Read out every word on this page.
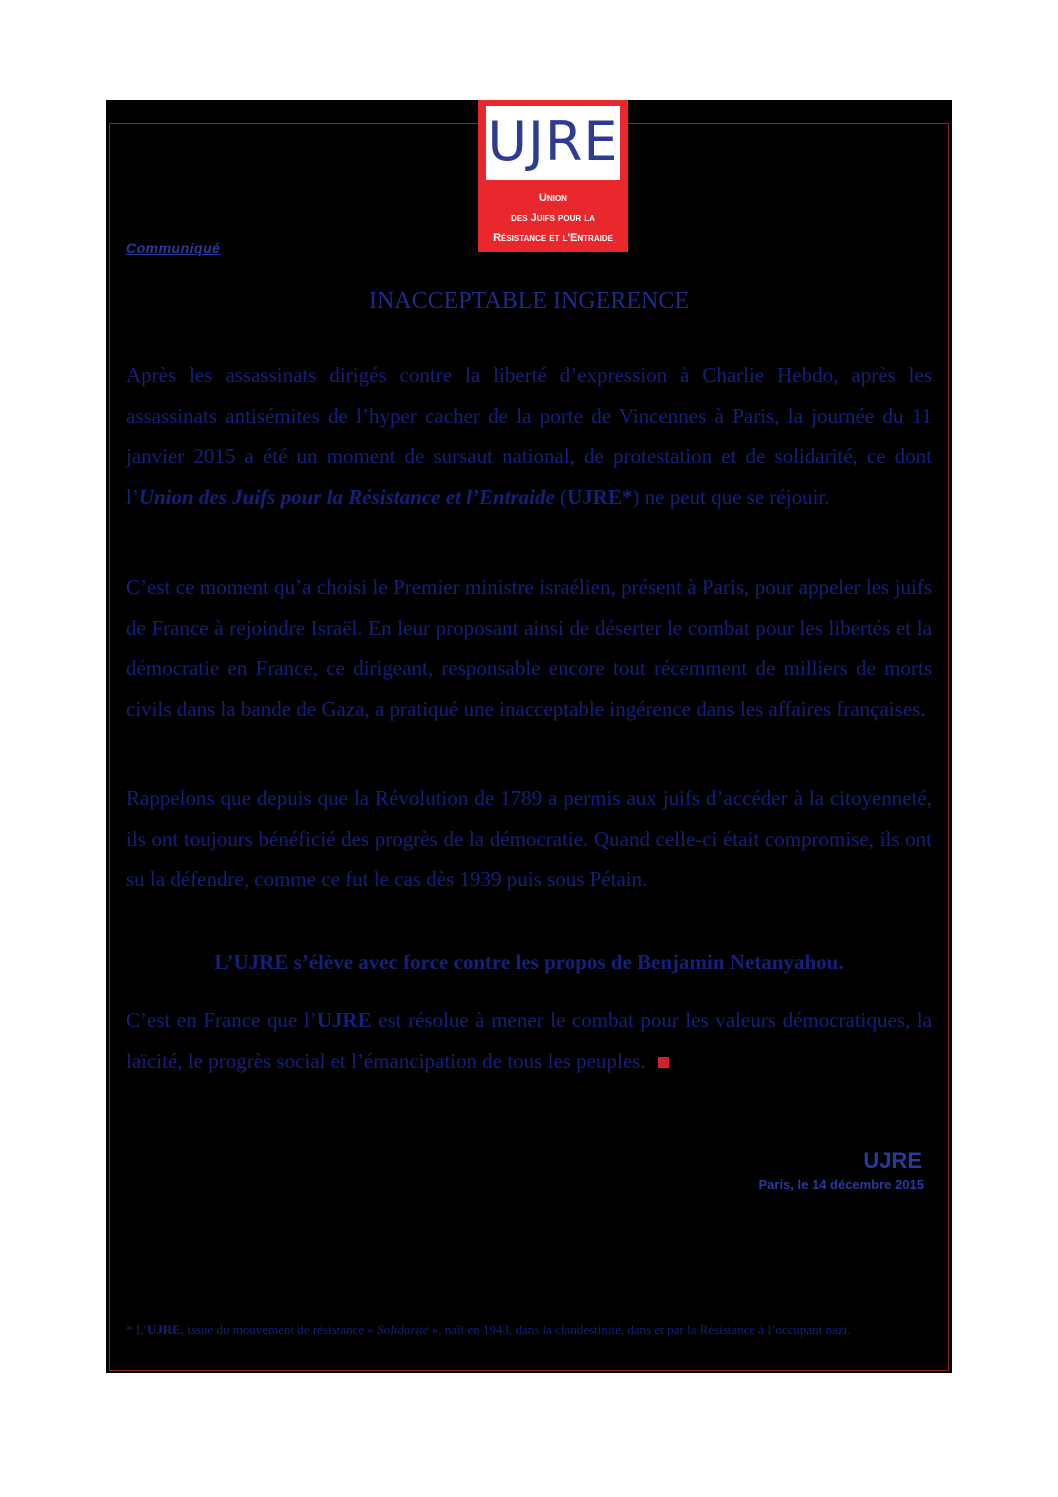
UJRE
Union
des Juifs pour la
Résistance et l'Entraide
Communiqué
INACCEPTABLE INGERENCE
Après les assassinats dirigés contre la liberté d’expression à Charlie Hebdo, après les assassinats antisémites de l’hyper cacher de la porte de Vincennes à Paris, la journée du 11 janvier 2015 a été un moment de sursaut national, de protestation et de solidarité, ce dont l’Union des Juifs pour la Résistance et l’Entraide (UJRE*) ne peut que se réjouir.
C’est ce moment qu’a choisi le Premier ministre israélien, présent à Paris, pour appeler les juifs de France à rejoindre Israël. En leur proposant ainsi de déserter le combat pour les libertés et la démocratie en France, ce dirigeant, responsable encore tout récemment de milliers de morts civils dans la bande de Gaza, a pratiqué une inacceptable ingérence dans les affaires françaises.
Rappelons que depuis que la Révolution de 1789 a permis aux juifs d’accéder à la citoyenneté, ils ont toujours bénéficié des progrès de la démocratie. Quand celle-ci était compromise, ils ont su la défendre, comme ce fut le cas dès 1939 puis sous Pétain.
L’UJRE s’élève avec force contre les propos de Benjamin Netanyahou.
C’est en France que l’UJRE est résolue à mener le combat pour les valeurs démocratiques, la laïcité, le progrès social et l’émancipation de tous les peuples.
UJRE
Paris, le 14 décembre 2015
* L’UJRE, issue du mouvement de résistance « Solidarité », naît en 1943, dans la clandestinité, dans et par la Résistance à l’occupant nazi.
